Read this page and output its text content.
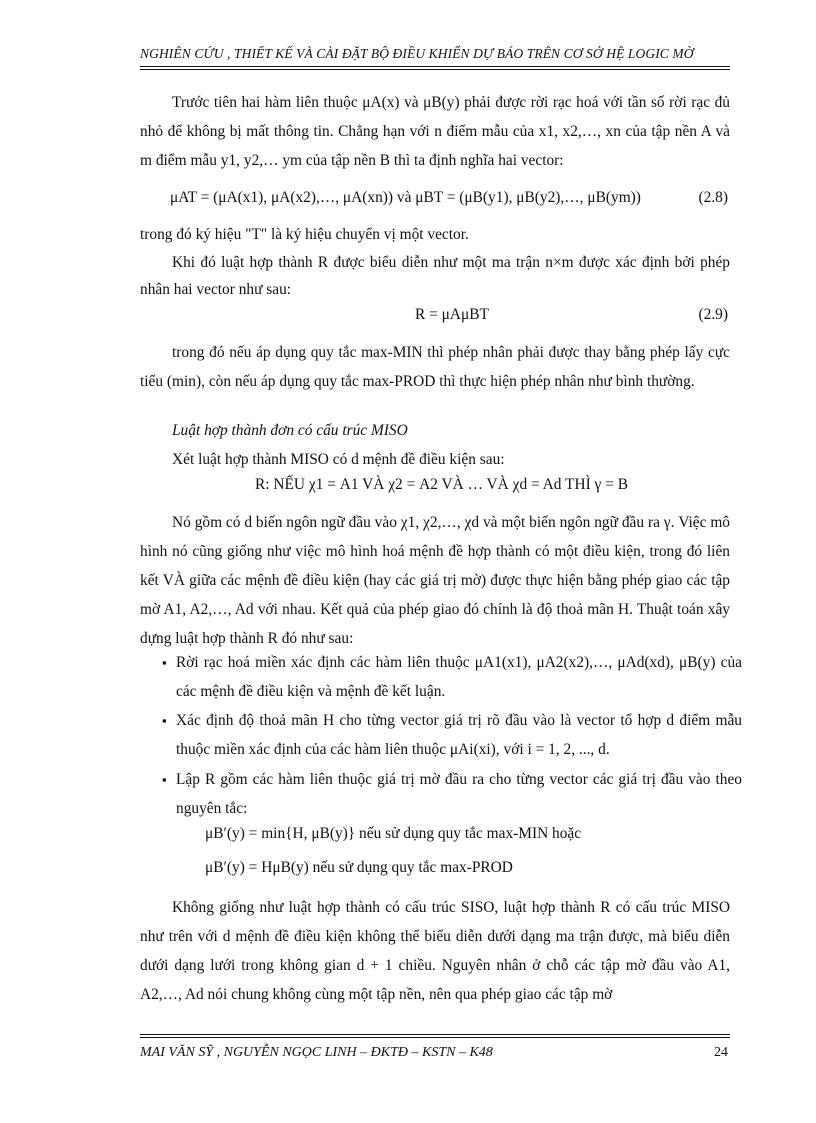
NGHIÊN CỨU , THIẾT KẾ VÀ CÀI ĐẶT BỘ ĐIỀU KHIỂN DỰ BÁO TRÊN CƠ SỞ HỆ LOGIC MỜ
Trước tiên hai hàm liên thuộc μA(x) và μB(y) phải được rời rạc hoá với tần số rời rạc đủ nhỏ để không bị mất thông tin. Chẳng hạn với n điểm mẫu của x1, x2,…, xn của tập nền A và m điểm mẫu y1, y2,… ym của tập nền B thì ta định nghĩa hai vector:
μAT = (μA(x1), μA(x2),…, μA(xn)) và μBT = (μB(y1), μB(y2),…, μB(ym))	(2.8)
trong đó ký hiệu "T" là ký hiệu chuyển vị một vector.
Khi đó luật hợp thành R được biểu diễn như một ma trận n×m được xác định bởi phép nhân hai vector như sau:
R = μAμBT	(2.9)
trong đó nếu áp dụng quy tắc max-MIN thì phép nhân phải được thay bằng phép lấy cực tiểu (min), còn nếu áp dụng quy tắc max-PROD thì thực hiện phép nhân như bình thường.
Luật hợp thành đơn có cấu trúc MISO
Xét luật hợp thành MISO có d mệnh đề điều kiện sau:
R: NẾU χ1 = A1 VÀ χ2 = A2 VÀ … VÀ χd = Ad THÌ γ = B
Nó gồm có d biến ngôn ngữ đầu vào χ1, χ2,…, χd và một biến ngôn ngữ đầu ra γ. Việc mô hình nó cũng giống như việc mô hình hoá mệnh đề hợp thành có một điều kiện, trong đó liên kết VÀ giữa các mệnh đề điều kiện (hay các giá trị mờ) được thực hiện bằng phép giao các tập mờ A1, A2,…, Ad với nhau. Kết quả của phép giao đó chính là độ thoả mãn H. Thuật toán xây dựng luật hợp thành R đó như sau:
▪ Rời rạc hoá miền xác định các hàm liên thuộc μA1(x1), μA2(x2),…, μAd(xd), μB(y) của các mệnh đề điều kiện và mệnh đề kết luận.
▪ Xác định độ thoả mãn H cho từng vector giá trị rõ đầu vào là vector tổ hợp d điểm mẫu thuộc miền xác định của các hàm liên thuộc μAi(xi), với i = 1, 2, ..., d.
▪ Lập R gồm các hàm liên thuộc giá trị mờ đầu ra cho từng vector các giá trị đầu vào theo nguyên tắc:
μB′(y) = min{H, μB(y)} nếu sử dụng quy tắc max-MIN hoặc
μB′(y) = HμB(y) nếu sử dụng quy tắc max-PROD
Không giống như luật hợp thành có cấu trúc SISO, luật hợp thành R có cấu trúc MISO như trên với d mệnh đề điều kiện không thể biểu diễn dưới dạng ma trận được, mà biểu diễn dưới dạng lưới trong không gian d + 1 chiều. Nguyên nhân ở chỗ các tập mờ đầu vào A1, A2,…, Ad nói chung không cùng một tập nền, nên qua phép giao các tập mờ
MAI VĂN SỸ , NGUYỄN NGỌC LINH – ĐKTĐ – KSTN – K48	24
